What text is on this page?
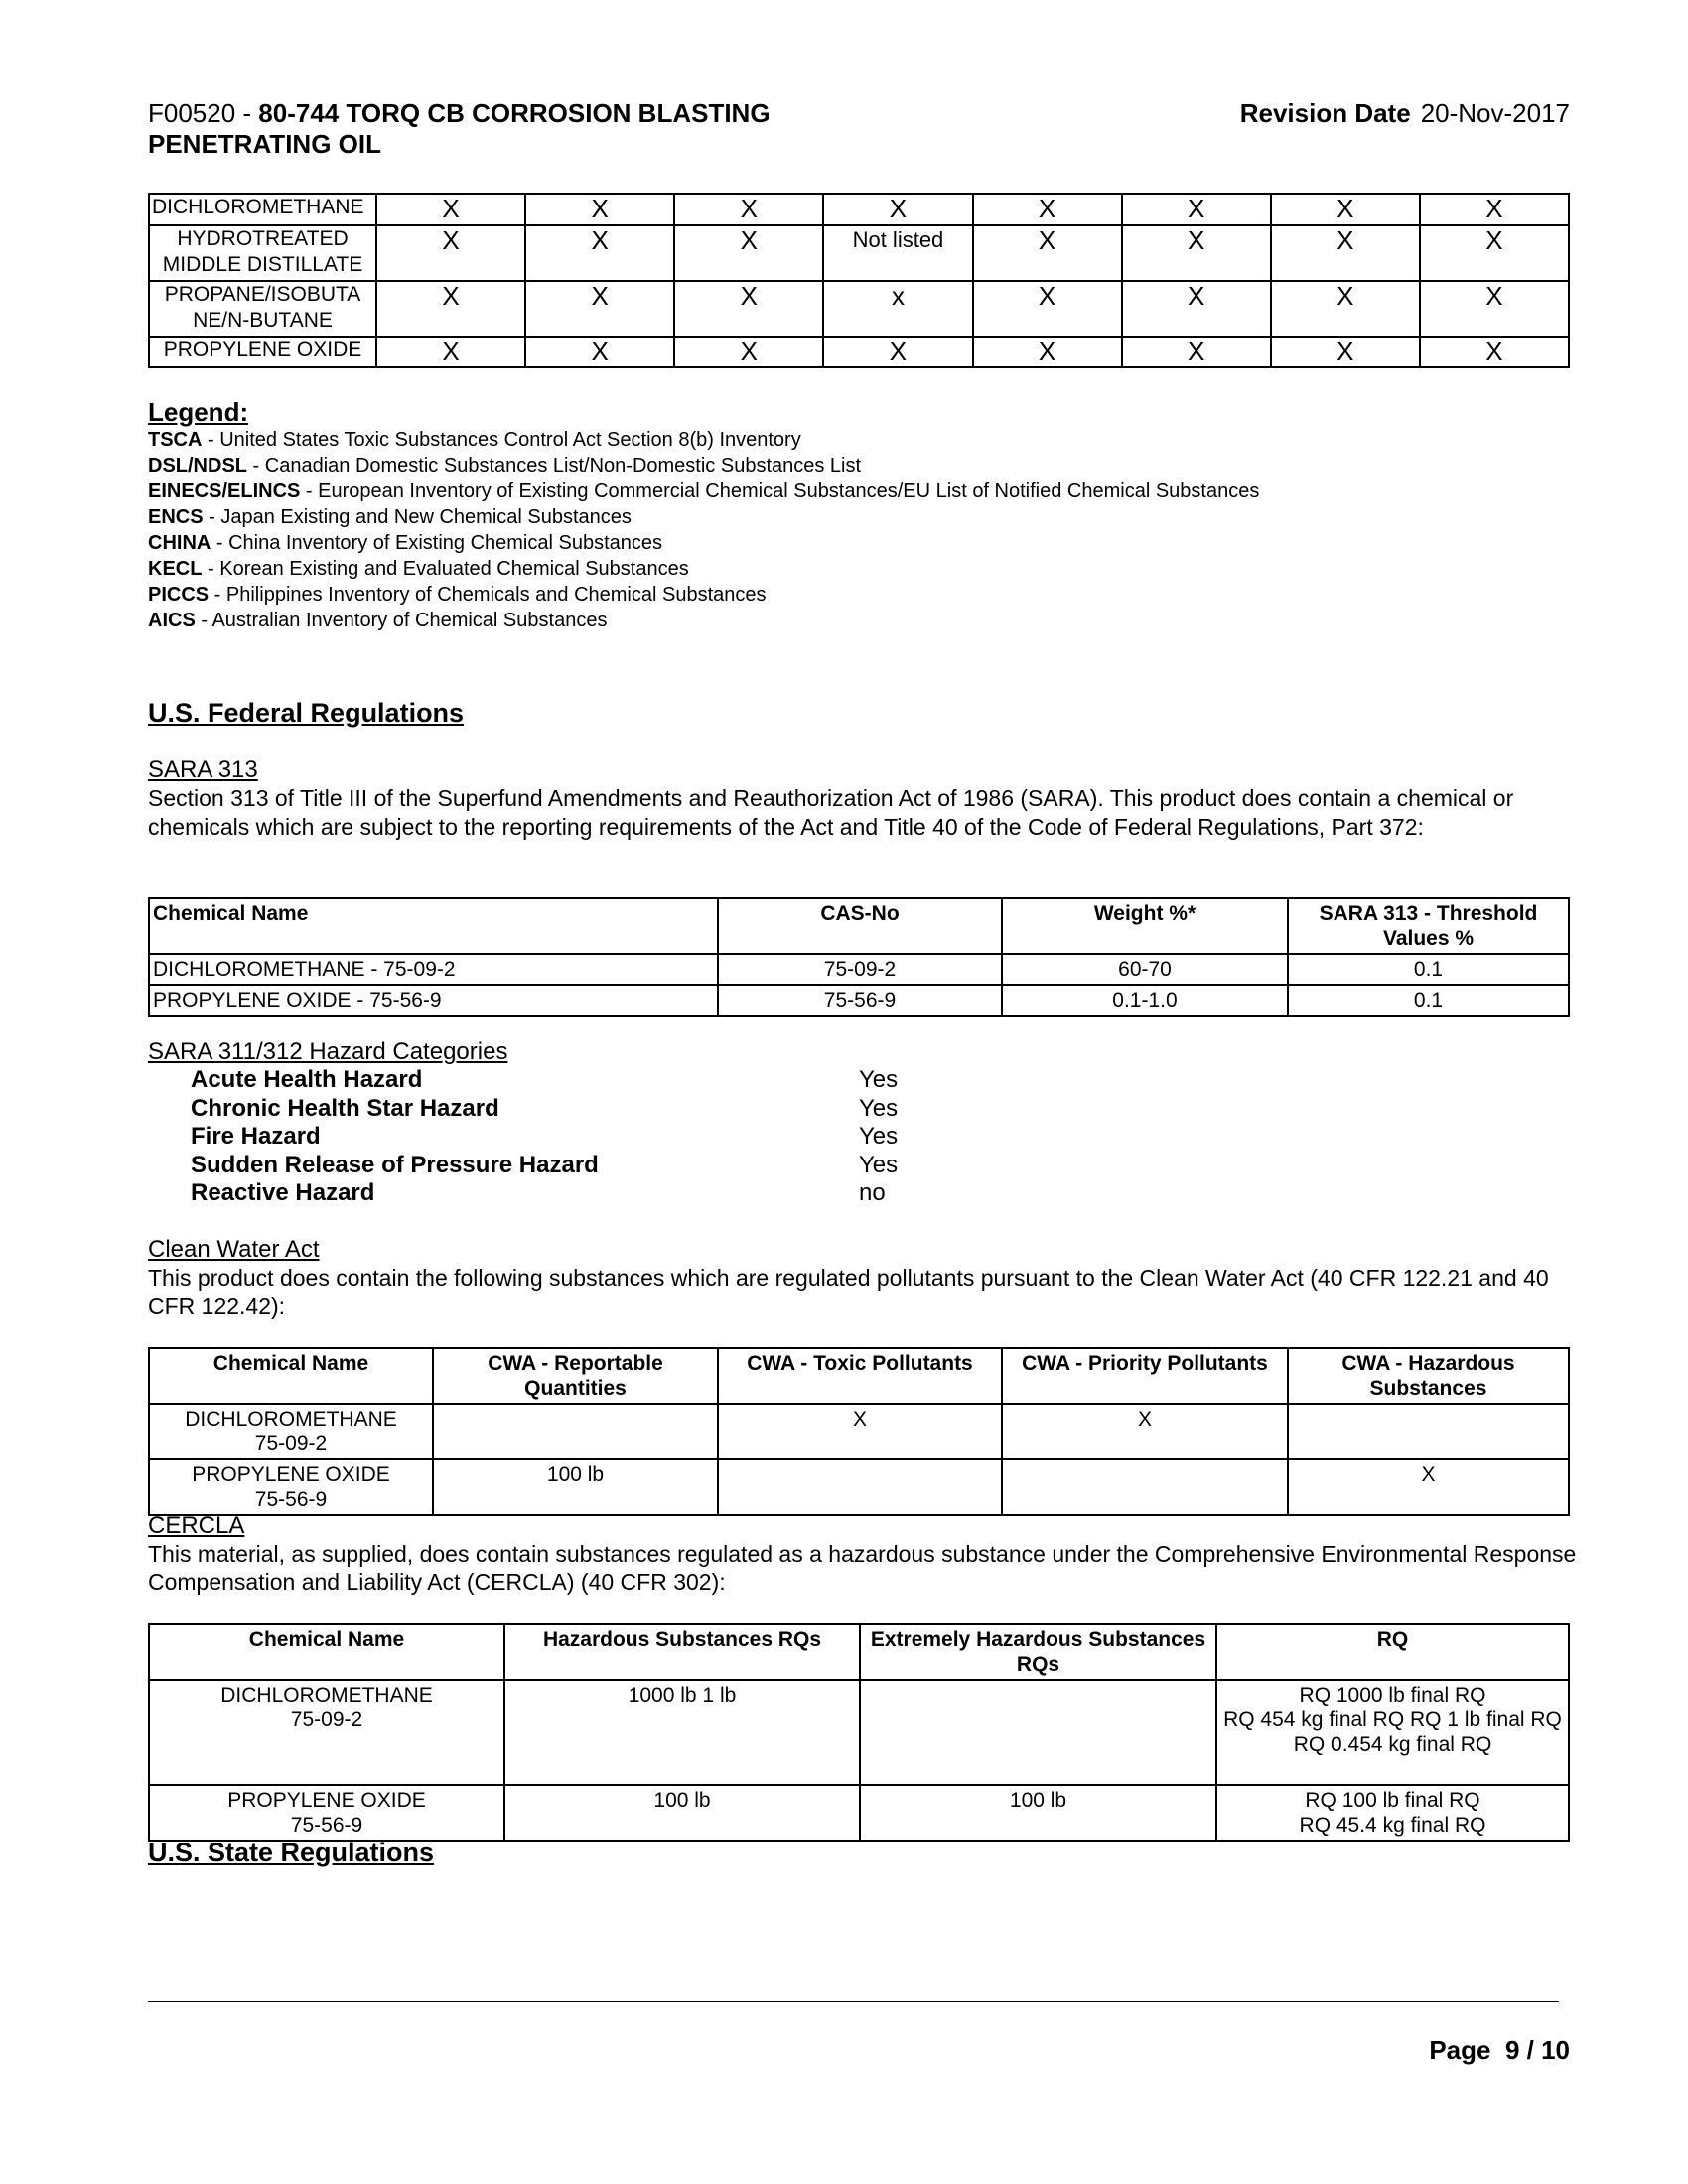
F00520 - 80-744 TORQ CB CORROSION BLASTING
PENETRATING OIL
Revision Date 20-Nov-2017
DICHLOROMETHANE	X	X	X	X	X	X	X	X
HYDROTREATED MIDDLE DISTILLATE	X	X	X	Not listed	X	X	X	X
PROPANE/ISOBUTA NE/N-BUTANE	X	X	X	x	X	X	X	X
PROPYLENE OXIDE	X	X	X	X	X	X	X	X
Legend:
TSCA - United States Toxic Substances Control Act Section 8(b) Inventory
DSL/NDSL - Canadian Domestic Substances List/Non-Domestic Substances List
EINECS/ELINCS - European Inventory of Existing Commercial Chemical Substances/EU List of Notified Chemical Substances
ENCS - Japan Existing and New Chemical Substances
CHINA - China Inventory of Existing Chemical Substances
KECL - Korean Existing and Evaluated Chemical Substances
PICCS - Philippines Inventory of Chemicals and Chemical Substances
AICS - Australian Inventory of Chemical Substances
U.S. Federal Regulations
SARA 313
Section 313 of Title III of the Superfund Amendments and Reauthorization Act of 1986 (SARA). This product does contain a chemical or chemicals which are subject to the reporting requirements of the Act and Title 40 of the Code of Federal Regulations, Part 372:
Chemical Name	CAS-No	Weight %*	SARA 313 - Threshold Values %
DICHLOROMETHANE - 75-09-2	75-09-2	60-70	0.1
PROPYLENE OXIDE - 75-56-9	75-56-9	0.1-1.0	0.1
SARA 311/312 Hazard Categories
Acute Health Hazard	Yes
Chronic Health Star Hazard	Yes
Fire Hazard	Yes
Sudden Release of Pressure Hazard	Yes
Reactive Hazard	no
Clean Water Act
This product does contain the following substances which are regulated pollutants pursuant to the Clean Water Act (40 CFR 122.21 and 40 CFR 122.42):
Chemical Name	CWA - Reportable Quantities	CWA - Toxic Pollutants	CWA - Priority Pollutants	CWA - Hazardous Substances
DICHLOROMETHANE
75-09-2		X	X	
PROPYLENE OXIDE
75-56-9	100 lb			X
CERCLA
This material, as supplied, does contain substances regulated as a hazardous substance under the Comprehensive Environmental Response Compensation and Liability Act (CERCLA) (40 CFR 302):
Chemical Name	Hazardous Substances RQs	Extremely Hazardous Substances RQs	RQ
DICHLOROMETHANE
75-09-2	1000 lb 1 lb		RQ 1000 lb final RQ
RQ 454 kg final RQ RQ 1 lb final RQ
RQ 0.454 kg final RQ
PROPYLENE OXIDE
75-56-9	100 lb	100 lb	RQ 100 lb final RQ
RQ 45.4 kg final RQ
U.S. State Regulations
Page 9 / 10
